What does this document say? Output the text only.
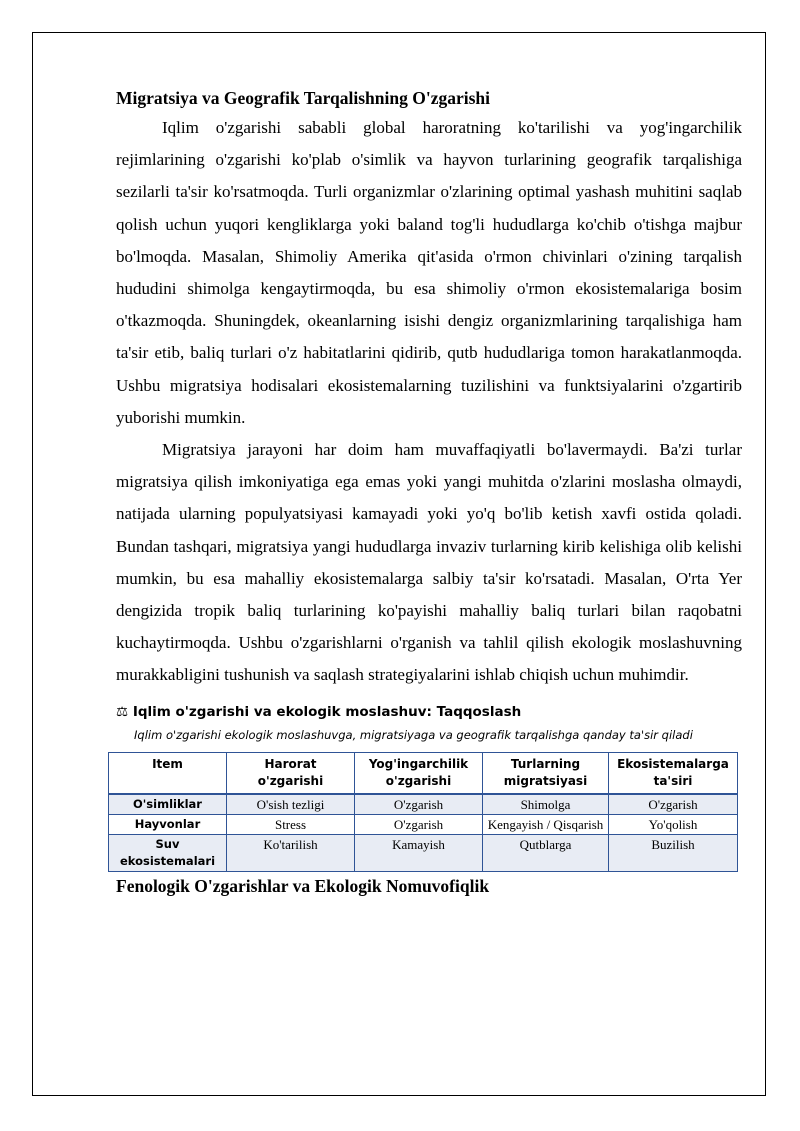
Migratsiya va Geografik Tarqalishning O'zgarishi

Iqlim o'zgarishi sababli global haroratning ko'tarilishi va yog'ingarchilik rejimlarining o'zgarishi ko'plab o'simlik va hayvon turlarining geografik tarqalishiga sezilarli ta'sir ko'rsatmoqda. Turli organizmlar o'zlarining optimal yashash muhitini saqlab qolish uchun yuqori kengliklarga yoki baland tog'li hududlarga ko'chib o'tishga majbur bo'lmoqda. Masalan, Shimoliy Amerika qit'asida o'rmon chivinlari o'zining tarqalish hududini shimolga kengaytirmoqda, bu esa shimoliy o'rmon ekosistemalariga bosim o'tkazmoqda. Shuningdek, okeanlarning isishi dengiz organizmlarining tarqalishiga ham ta'sir etib, baliq turlari o'z habitatlarini qidirib, qutb hududlariga tomon harakatlanmoqda. Ushbu migratsiya hodisalari ekosistemalarning tuzilishini va funktsiyalarini o'zgartirib yuborishi mumkin.

Migratsiya jarayoni har doim ham muvaffaqiyatli bo'lavermaydi. Ba'zi turlar migratsiya qilish imkoniyatiga ega emas yoki yangi muhitda o'zlarini moslasha olmaydi, natijada ularning populyatsiyasi kamayadi yoki yo'q bo'lib ketish xavfi ostida qoladi. Bundan tashqari, migratsiya yangi hududlarga invaziv turlarning kirib kelishiga olib kelishi mumkin, bu esa mahalliy ekosistemalarga salbiy ta'sir ko'rsatadi. Masalan, O'rta Yer dengizida tropik baliq turlarining ko'payishi mahalliy baliq turlari bilan raqobatni kuchaytirmoqda. Ushbu o'zgarishlarni o'rganish va tahlil qilish ekologik moslashuvning murakkabligini tushunish va saqlash strategiyalarini ishlab chiqish uchun muhimdir.

⚖ Iqlim o'zgarishi va ekologik moslashuv: Taqqoslash
Iqlim o'zgarishi ekologik moslashuvga, migratsiyaga va geografik tarqalishga qanday ta'sir qiladi
Item	Harorat o'zgarishi	Yog'ingarchilik o'zgarishi	Turlarning migratsiyasi	Ekosistemalarga ta'siri
O'simliklar	O'sish tezligi	O'zgarish	Shimolga	O'zgarish
Hayvonlar	Stress	O'zgarish	Kengayish / Qisqarish	Yo'qolish
Suv ekosistemalari	Ko'tarilish	Kamayish	Qutblarga	Buzilish
Fenologik O'zgarishlar va Ekologik Nomuvofiqlik
